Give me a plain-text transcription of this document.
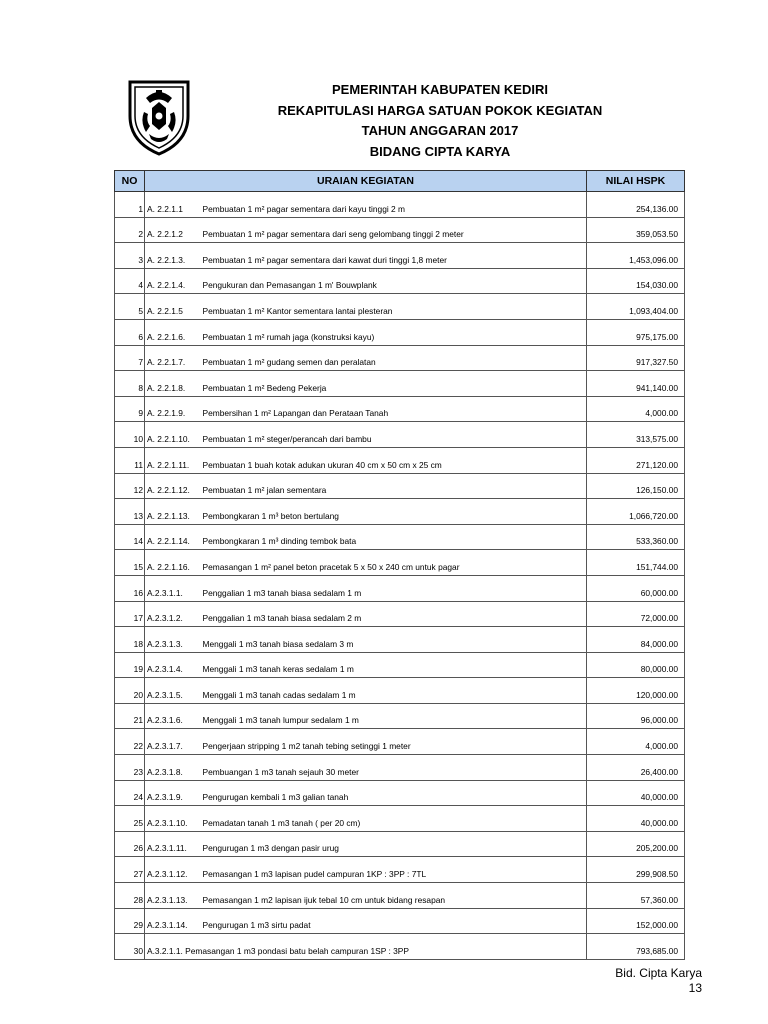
PEMERINTAH KABUPATEN KEDIRI
REKAPITULASI HARGA SATUAN POKOK KEGIATAN
TAHUN ANGGARAN 2017
BIDANG CIPTA KARYA
NO	URAIAN KEGIATAN		NILAI HSPK
1	A. 2.2.1.1	Pembuatan 1 m² pagar sementara dari kayu tinggi 2 m	254,136.00
2	A. 2.2.1.2	Pembuatan 1 m² pagar sementara dari seng gelombang tinggi 2 meter	359,053.50
3	A. 2.2.1.3.	Pembuatan 1 m² pagar sementara dari kawat duri tinggi 1,8 meter	1,453,096.00
4	A. 2.2.1.4.	Pengukuran dan Pemasangan 1 m' Bouwplank	154,030.00
5	A. 2.2.1.5	Pembuatan 1 m² Kantor sementara lantai plesteran	1,093,404.00
6	A. 2.2.1.6.	Pembuatan 1 m² rumah jaga (konstruksi kayu)	975,175.00
7	A. 2.2.1.7.	Pembuatan 1 m² gudang semen dan peralatan	917,327.50
8	A. 2.2.1.8.	Pembuatan 1 m² Bedeng Pekerja	941,140.00
9	A. 2.2.1.9.	Pembersihan 1 m² Lapangan dan Perataan Tanah	4,000.00
10	A. 2.2.1.10.	Pembuatan 1 m² steger/perancah dari bambu	313,575.00
11	A. 2.2.1.11.	Pembuatan 1 buah kotak adukan ukuran 40 cm x 50 cm x 25 cm	271,120.00
12	A. 2.2.1.12.	Pembuatan 1 m² jalan sementara	126,150.00
13	A. 2.2.1.13.	Pembongkaran 1 m³ beton bertulang	1,066,720.00
14	A. 2.2.1.14.	Pembongkaran 1 m³ dinding tembok bata	533,360.00
15	A. 2.2.1.16.	Pemasangan 1 m² panel beton pracetak 5 x 50 x 240 cm untuk pagar	151,744.00
16	A.2.3.1.1.	Penggalian 1 m3 tanah biasa sedalam 1 m	60,000.00
17	A.2.3.1.2.	Penggalian 1 m3 tanah biasa sedalam 2 m	72,000.00
18	A.2.3.1.3.	Menggali 1 m3 tanah biasa sedalam 3 m	84,000.00
19	A.2.3.1.4.	Menggali 1 m3 tanah keras sedalam 1 m	80,000.00
20	A.2.3.1.5.	Menggali 1 m3 tanah cadas sedalam 1 m	120,000.00
21	A.2.3.1.6.	Menggali 1 m3 tanah lumpur sedalam 1 m	96,000.00
22	A.2.3.1.7.	Pengerjaan stripping 1 m2 tanah tebing setinggi 1 meter	4,000.00
23	A.2.3.1.8.	Pembuangan 1 m3 tanah sejauh 30 meter	26,400.00
24	A.2.3.1.9.	Pengurugan kembali 1 m3 galian tanah	40,000.00
25	A.2.3.1.10.	Pemadatan tanah 1 m3 tanah ( per 20 cm)	40,000.00
26	A.2.3.1.11.	Pengurugan 1 m3 dengan pasir urug	205,200.00
27	A.2.3.1.12.	Pemasangan 1 m3 lapisan pudel campuran 1KP : 3PP : 7TL	299,908.50
28	A.2.3.1.13.	Pemasangan 1 m2 lapisan ijuk tebal 10 cm untuk bidang resapan	57,360.00
29	A.2.3.1.14.	Pengurugan 1 m3 sirtu padat	152,000.00
30	A.3.2.1.1. Pemasangan 1 m3 pondasi batu belah campuran 1SP : 3PP		793,685.00
Bid. Cipta Karya
13
